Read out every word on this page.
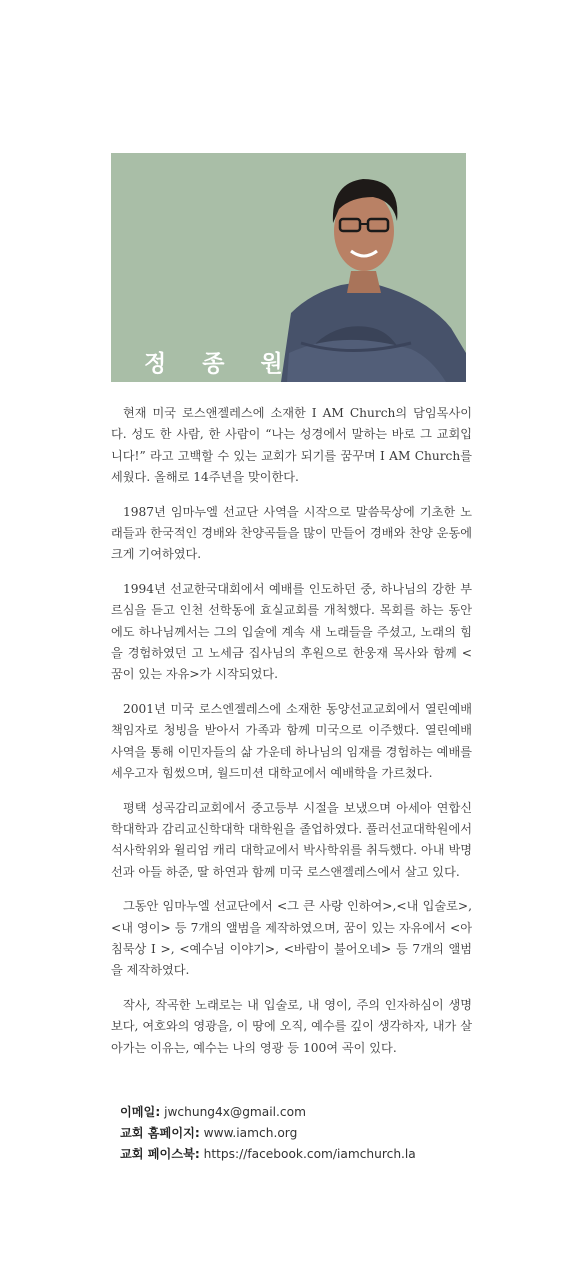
정 종 원

현재 미국 로스앤젤레스에 소재한 I AM Church의 담임목사이다. 성도 한 사람, 한 사람이 “나는 성경에서 말하는 바로 그 교회입니다!” 라고 고백할 수 있는 교회가 되기를 꿈꾸며 I AM Church를 세웠다. 올해로 14주년을 맞이한다.

1987년 임마누엘 선교단 사역을 시작으로 말씀묵상에 기초한 노래들과 한국적인 경배와 찬양곡들을 많이 만들어 경배와 찬양 운동에 크게 기여하였다.

1994년 선교한국대회에서 예배를 인도하던 중, 하나님의 강한 부르심을 듣고 인천 선학동에 효실교회를 개척했다. 목회를 하는 동안에도 하나님께서는 그의 입술에 계속 새 노래들을 주셨고, 노래의 힘을 경험하였던 고 노세금 집사님의 후원으로 한웅재 목사와 함께 <꿈이 있는 자유>가 시작되었다.

2001년 미국 로스엔젤레스에 소재한 동양선교교회에서 열린예배 책임자로 청빙을 받아서 가족과 함께 미국으로 이주했다. 열린예배 사역을 통해 이민자들의 삶 가운데 하나님의 임재를 경험하는 예배를 세우고자 힘썼으며, 월드미션 대학교에서 예배학을 가르쳤다.

평택 성곡감리교회에서 중고등부 시절을 보냈으며 아세아 연합신학대학과 감리교신학대학 대학원을 졸업하였다. 풀러선교대학원에서 석사학위와 윌리엄 캐리 대학교에서 박사학위를 취득했다. 아내 박명선과 아들 하준, 딸 하연과 함께 미국 로스앤젤레스에서 살고 있다.

그동안 임마누엘 선교단에서 <그 큰 사랑 인하여>,<내 입술로>, <내 영이> 등 7개의 앨범을 제작하였으며, 꿈이 있는 자유에서 <아침묵상 I >, <예수님 이야기>, <바람이 불어오네> 등 7개의 앨범을 제작하였다.

작사, 작곡한 노래로는 내 입술로, 내 영이, 주의 인자하심이 생명보다, 여호와의 영광을, 이 땅에 오직, 예수를 깊이 생각하자, 내가 살아가는 이유는, 예수는 나의 영광 등 100여 곡이 있다.

이메일: jwchung4x@gmail.com
교회 홈페이지: www.iamch.org
교회 페이스북: https://facebook.com/iamchurch.la
